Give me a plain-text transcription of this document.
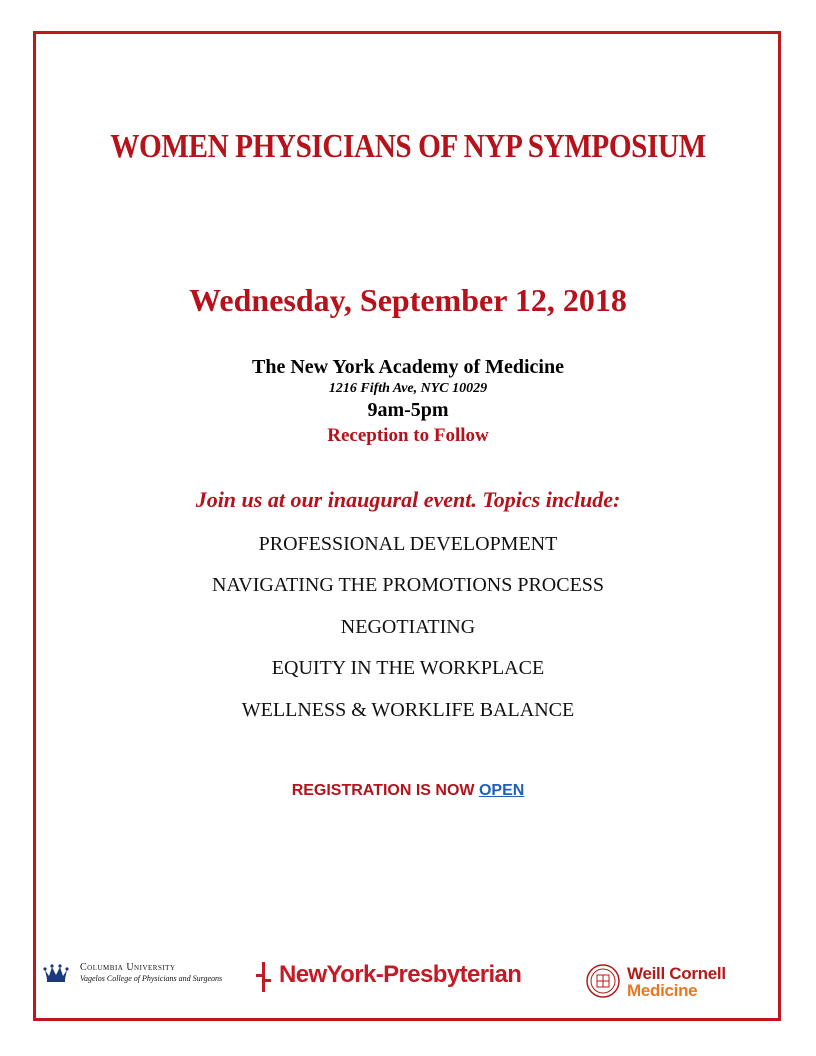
WOMEN PHYSICIANS OF NYP SYMPOSIUM
Wednesday, September 12, 2018
The New York Academy of Medicine
1216 Fifth Ave, NYC 10029
9am-5pm
Reception to Follow
Join us at our inaugural event. Topics include:
PROFESSIONAL DEVELOPMENT
NAVIGATING THE PROMOTIONS PROCESS
NEGOTIATING
EQUITY IN THE WORKPLACE
WELLNESS & WORKLIFE BALANCE
REGISTRATION IS NOW OPEN
Columbia University
Vagelos College of Physicians and Surgeons NewYork-Presbyterian	Weill Cornell
Medicine
